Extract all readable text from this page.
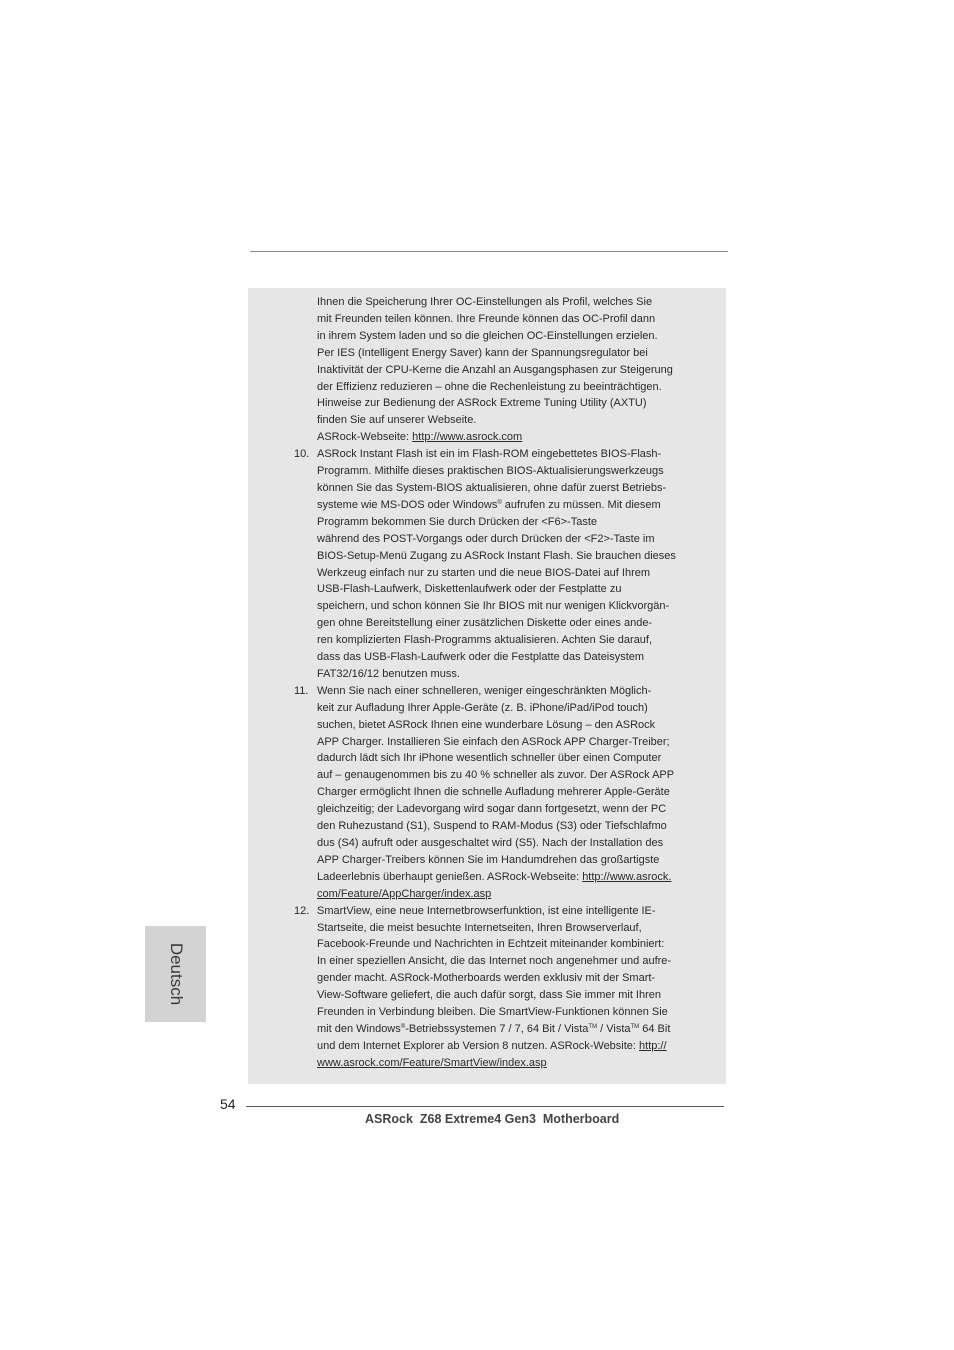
Ihnen die Speicherung Ihrer OC-Einstellungen als Profil, welches Sie
mit Freunden teilen können. Ihre Freunde können das OC-Profil dann
in ihrem System laden und so die gleichen OC-Einstellungen erzielen.
Per IES (Intelligent Energy Saver) kann der Spannungsregulator bei
Inaktivität der CPU-Kerne die Anzahl an Ausgangsphasen zur Steigerung
der Effizienz reduzieren – ohne die Rechenleistung zu beeinträchtigen.
Hinweise zur Bedienung der ASRock Extreme Tuning Utility (AXTU)
finden Sie auf unserer Webseite.
ASRock-Webseite: http://www.asrock.com
10. ASRock Instant Flash ist ein im Flash-ROM eingebettetes BIOS-Flash-
Programm. Mithilfe dieses praktischen BIOS-Aktualisierungswerkzeugs
können Sie das System-BIOS aktualisieren, ohne dafür zuerst Betriebs-
systeme wie MS-DOS oder Windows® aufrufen zu müssen. Mit diesem
Programm bekommen Sie durch Drücken der <F6>-Taste
während des POST-Vorgangs oder durch Drücken der <F2>-Taste im
BIOS-Setup-Menü Zugang zu ASRock Instant Flash. Sie brauchen dieses
Werkzeug einfach nur zu starten und die neue BIOS-Datei auf Ihrem
USB-Flash-Laufwerk, Diskettenlaufwerk oder der Festplatte zu
speichern, und schon können Sie Ihr BIOS mit nur wenigen Klickvorgän-
gen ohne Bereitstellung einer zusätzlichen Diskette oder eines ande-
ren komplizierten Flash-Programms aktualisieren. Achten Sie darauf,
dass das USB-Flash-Laufwerk oder die Festplatte das Dateisystem
FAT32/16/12 benutzen muss.
11. Wenn Sie nach einer schnelleren, weniger eingeschränkten Möglich-
keit zur Aufladung Ihrer Apple-Geräte (z. B. iPhone/iPad/iPod touch)
suchen, bietet ASRock Ihnen eine wunderbare Lösung – den ASRock
APP Charger. Installieren Sie einfach den ASRock APP Charger-Treiber;
dadurch lädt sich Ihr iPhone wesentlich schneller über einen Computer
auf – genaugenommen bis zu 40 % schneller als zuvor. Der ASRock APP
Charger ermöglicht Ihnen die schnelle Aufladung mehrerer Apple-Geräte
gleichzeitig; der Ladevorgang wird sogar dann fortgesetzt, wenn der PC
den Ruhezustand (S1), Suspend to RAM-Modus (S3) oder Tiefschlafmo
dus (S4) aufruft oder ausgeschaltet wird (S5). Nach der Installation des
APP Charger-Treibers können Sie im Handumdrehen das großartigste
Ladeerlebnis überhaupt genießen. ASRock-Webseite: http://www.asrock.
com/Feature/AppCharger/index.asp
12. SmartView, eine neue Internetbrowserfunktion, ist eine intelligente IE-
Startseite, die meist besuchte Internetseiten, Ihren Browserverlauf,
Facebook-Freunde und Nachrichten in Echtzeit miteinander kombiniert:
In einer speziellen Ansicht, die das Internet noch angenehmer und aufre-
gender macht. ASRock-Motherboards werden exklusiv mit der Smart-
View-Software geliefert, die auch dafür sorgt, dass Sie immer mit Ihren
Freunden in Verbindung bleiben. Die SmartView-Funktionen können Sie
mit den Windows®-Betriebssystemen 7 / 7, 64 Bit / Vista™ / Vista™ 64 Bit
und dem Internet Explorer ab Version 8 nutzen. ASRock-Website: http://
www.asrock.com/Feature/SmartView/index.asp
Deutsch
54
ASRock  Z68 Extreme4 Gen3  Motherboard
